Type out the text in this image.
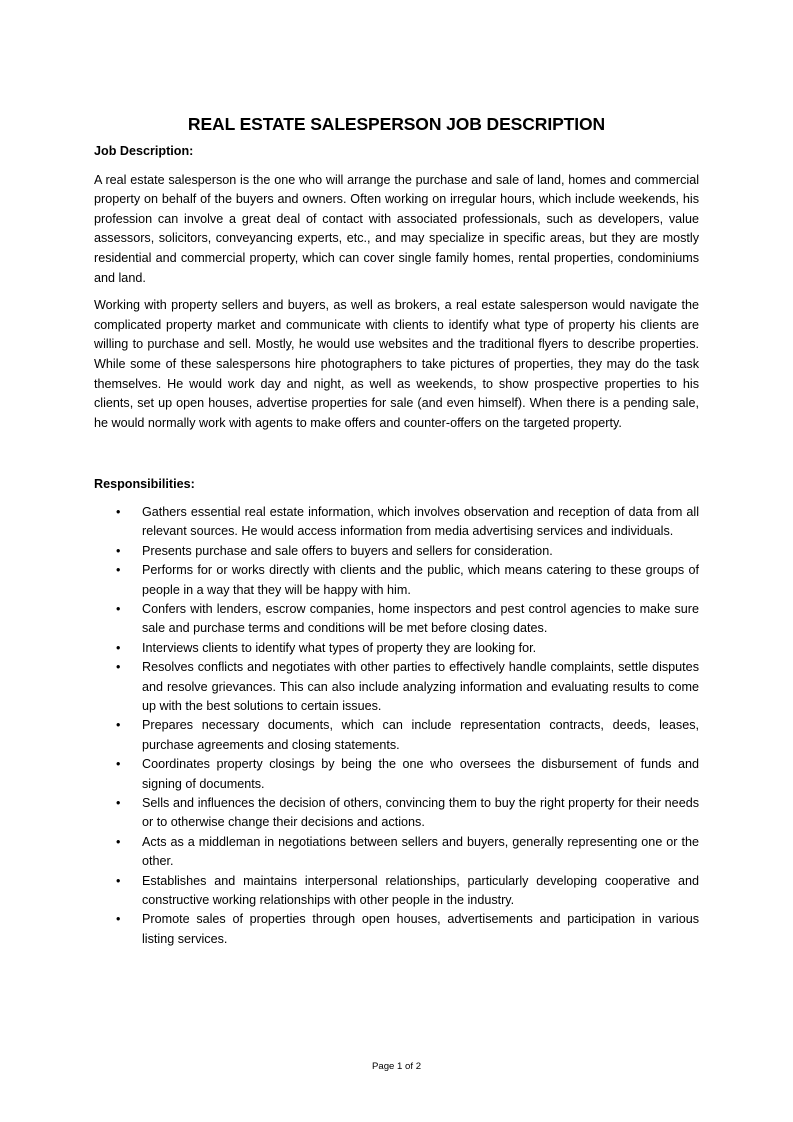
REAL ESTATE SALESPERSON JOB DESCRIPTION
Job Description:

A real estate salesperson is the one who will arrange the purchase and sale of land, homes and commercial property on behalf of the buyers and owners. Often working on irregular hours, which include weekends, his profession can involve a great deal of contact with associated professionals, such as developers, value assessors, solicitors, conveyancing experts, etc., and may specialize in specific areas, but they are mostly residential and commercial property, which can cover single family homes, rental properties, condominiums and land.

Working with property sellers and buyers, as well as brokers, a real estate salesperson would navigate the complicated property market and communicate with clients to identify what type of property his clients are willing to purchase and sell. Mostly, he would use websites and the traditional flyers to describe properties. While some of these salespersons hire photographers to take pictures of properties, they may do the task themselves. He would work day and night, as well as weekends, to show prospective properties to his clients, set up open houses, advertise properties for sale (and even himself). When there is a pending sale, he would normally work with agents to make offers and counter-offers on the targeted property.

Responsibilities:
• Gathers essential real estate information, which involves observation and reception of data from all relevant sources. He would access information from media advertising services and individuals.
• Presents purchase and sale offers to buyers and sellers for consideration.
• Performs for or works directly with clients and the public, which means catering to these groups of people in a way that they will be happy with him.
• Confers with lenders, escrow companies, home inspectors and pest control agencies to make sure sale and purchase terms and conditions will be met before closing dates.
• Interviews clients to identify what types of property they are looking for.
• Resolves conflicts and negotiates with other parties to effectively handle complaints, settle disputes and resolve grievances. This can also include analyzing information and evaluating results to come up with the best solutions to certain issues.
• Prepares necessary documents, which can include representation contracts, deeds, leases, purchase agreements and closing statements.
• Coordinates property closings by being the one who oversees the disbursement of funds and signing of documents.
• Sells and influences the decision of others, convincing them to buy the right property for their needs or to otherwise change their decisions and actions.
• Acts as a middleman in negotiations between sellers and buyers, generally representing one or the other.
• Establishes and maintains interpersonal relationships, particularly developing cooperative and constructive working relationships with other people in the industry.
• Promote sales of properties through open houses, advertisements and participation in various listing services.
Page 1 of 2
